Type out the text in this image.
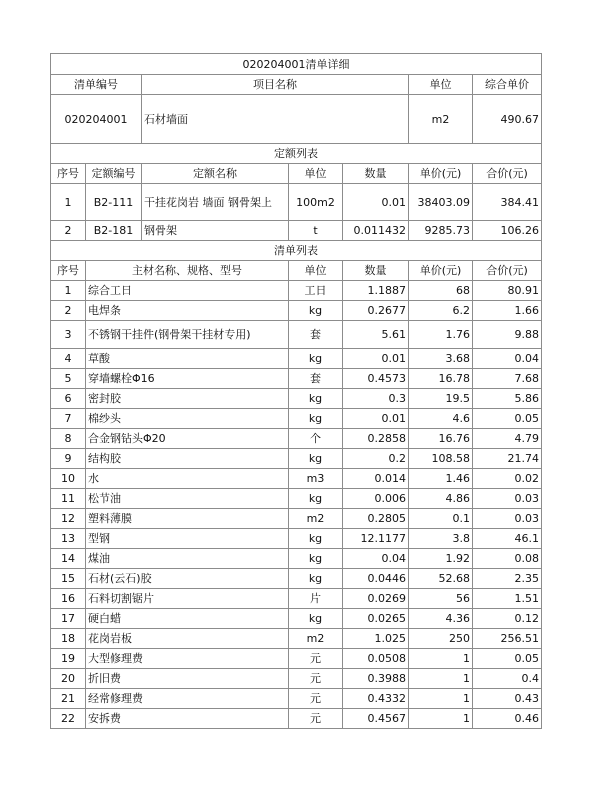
020204001清单详细						
清单编号		项目名称			单位	综合单价
020204001		石材墙面			m2	490.67
定额列表						
序号	定额编号	定额名称	单位	数量	单价(元)	合价(元)
1	B2-111	干挂花岗岩 墙面 钢骨架上	100m2	0.01	38403.09	384.41
2	B2-181	钢骨架	t	0.011432	9285.73	106.26
清单列表						
序号	主材名称、规格、型号		单位	数量	单价(元)	合价(元)
1	综合工日		工日	1.1887	68	80.91
2	电焊条		kg	0.2677	6.2	1.66
3	不锈钢干挂件(钢骨架干挂材专用)		套	5.61	1.76	9.88
4	草酸		kg	0.01	3.68	0.04
5	穿墙螺栓Φ16		套	0.4573	16.78	7.68
6	密封胶		kg	0.3	19.5	5.86
7	棉纱头		kg	0.01	4.6	0.05
8	合金钢钻头Φ20		个	0.2858	16.76	4.79
9	结构胶		kg	0.2	108.58	21.74
10	水		m3	0.014	1.46	0.02
11	松节油		kg	0.006	4.86	0.03
12	塑料薄膜		m2	0.2805	0.1	0.03
13	型钢		kg	12.1177	3.8	46.1
14	煤油		kg	0.04	1.92	0.08
15	石材(云石)胶		kg	0.0446	52.68	2.35
16	石料切割锯片		片	0.0269	56	1.51
17	硬白蜡		kg	0.0265	4.36	0.12
18	花岗岩板		m2	1.025	250	256.51
19	大型修理费		元	0.0508	1	0.05
20	折旧费		元	0.3988	1	0.4
21	经常修理费		元	0.4332	1	0.43
22	安拆费		元	0.4567	1	0.46
